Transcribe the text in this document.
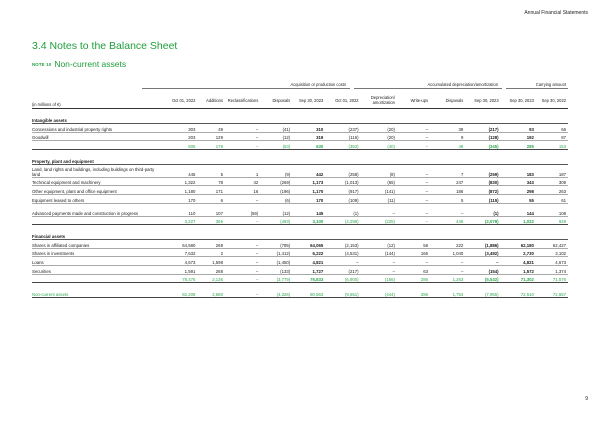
Annual Financial Statements
3.4 Notes to the Balance Sheet
NOTE 10 Non-current assets
Acquisition or production costs	Accumulated depreciation/amortization	Carrying amount
(in millions of €)	Oct 01, 2022	Additions	Reclassifications	Disposals	Sep 30, 2023	Oct 01, 2022	Depreciation/ amortization	Write-ups	Disposals	Sep 30, 2023	Sep 30, 2023	Sep 30, 2022

Intangible assets												
Concessions and industrial property rights	303	49	–	(41)	310	(237)	(20)	–	39	(217)	93	66
Goodwill	203	129	–	(12)	319	(116)	(20)	–	9	(128)	192	87
	505	178	–	(53)	630	(353)	(40)	–	48	(345)	285	153

Property, plant and equipment												
Land, land rights and buildings, including buildings on third-party land	445	5	1	(9)	442	(258)	(8)	–	7	(259)	183	187
Technical equipment and machinery	1,322	78	42	(269)	1,173	(1,013)	(65)	–	247	(830)	343	309
Other equipment, plant and office equipment	1,180	171	16	(196)	1,170	(917)	(141)	–	186	(872)	298	263
Equipment leased to others	170	6	–	(6)	170	(109)	(11)	–	5	(115)	55	61
Advanced payments made and construction in progress	110	107	(59)	(12)	145	(1)	–	–	–	(1)	144	108
	3,227	366	–	(493)	3,100	(2,298)	(225)	–	445	(2,078)	1,022	928

Financial assets												
Shares in affiliated companies	64,580	269	–	(785)	64,065	(2,153)	(12)	58	222	(1,886)	62,180	62,427
Shares in investments	7,632	2	–	(1,412)	6,222	(4,531)	(144)	166	1,040	(3,492)	2,730	3,102
Loans	4,673	1,598	–	(1,450)	4,821	–	–	–	–	–	4,821	4,673
Securities	1,591	268	–	(133)	1,727	(217)	–	63	–	(154)	1,572	1,374
	78,476	2,136	–	(3,779)	76,833	(6,900)	(156)	286	1,263	(5,532)	71,302	71,576

Non-current assets	82,208	2,680	–	(4,326)	80,563	(9,551)	(444)	286	1,754	(7,955)	72,610	72,657
9
